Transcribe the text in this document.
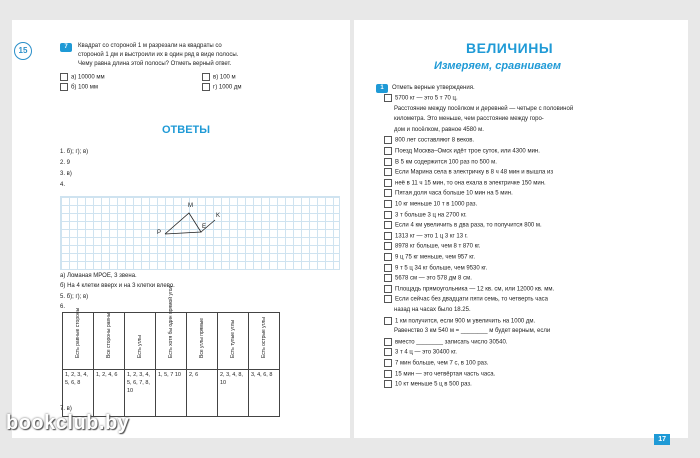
15	7	Квадрат со стороной 1 м разрезали на квадраты со
стороной 1 дм и выстроили их в один ряд в виде полосы.
Чему равна длина этой полосы? Отметь верный ответ.
а) 10000 мм
б) 100 мм
в) 100 м
г) 1000 дм
ОТВЕТЫ
1. б); г); в)
2. 9
3. в)
4.
P
M
E
K
а) Ломаная МРОЕ, 3 звена.
б) На 4 клетки вверх и на 3 клетки влево.
5. б); г); в)
6.
Есть равные стороны	Все стороны равны	Есть углы	Есть хотя бы один прямой угол	Все углы прямые	Есть тупые углы	Есть острые углы

1, 2, 3, 4, 5, 6, 8	1, 2, 4, 6	1, 2, 3, 4, 5, 6, 7, 8, 10	1, 5, 7 10	2, 6	2, 3, 4, 8, 10	3, 4, 6, 8
7. в)
ВЕЛИЧИНЫ
Измеряем, сравниваем
1	Отметь верные утверждения.
5700 кг — это 5 т 70 ц.
Расстояние между посёлком и деревней — четыре с половиной
километра. Это меньше, чем расстояние между горо-
дом и посёлком, равное 4580 м.
800 лет составляют 8 веков.
Поезд Москва–Омск идёт трое суток, или 4300 мин.
В 5 км содержится 100 раз по 500 м.
Если Марина села в электричку в 8 ч 48 мин и вышла из
неё в 11 ч 15 мин, то она ехала в электричке 150 мин.
Пятая доля часа больше 10 мин на 5 мин.
10 кг меньше 10 т в 1000 раз.
3 т больше 3 ц на 2700 кг.
Если 4 км увеличить в два раза, то получится 800 м.
1313 кг — это 1 ц 3 кг 13 г.
8978 кг больше, чем 8 т 870 кг.
9 ц 75 кг меньше, чем 957 кг.
9 т 5 ц 34 кг больше, чем 9530 кг.
5678 см — это 578 дм 8 см.
Площадь прямоугольника — 12 кв. см, или 12000 кв. мм.
Если сейчас без двадцати пяти семь, то четверть часа
назад на часах было 18.25.
1 км получится, если 900 м увеличить на 1000 дм.
Равенство 3 км 540 м = ________ м будет верным, если
вместо ________ записать число 30540.
3 т 4 ц — это 30400 кг.
7 мин больше, чем 7 с, в 100 раз.
15 мин — это четвёртая часть часа.
10 кт меньше 5 ц в 500 раз.
17
bookclub.by
